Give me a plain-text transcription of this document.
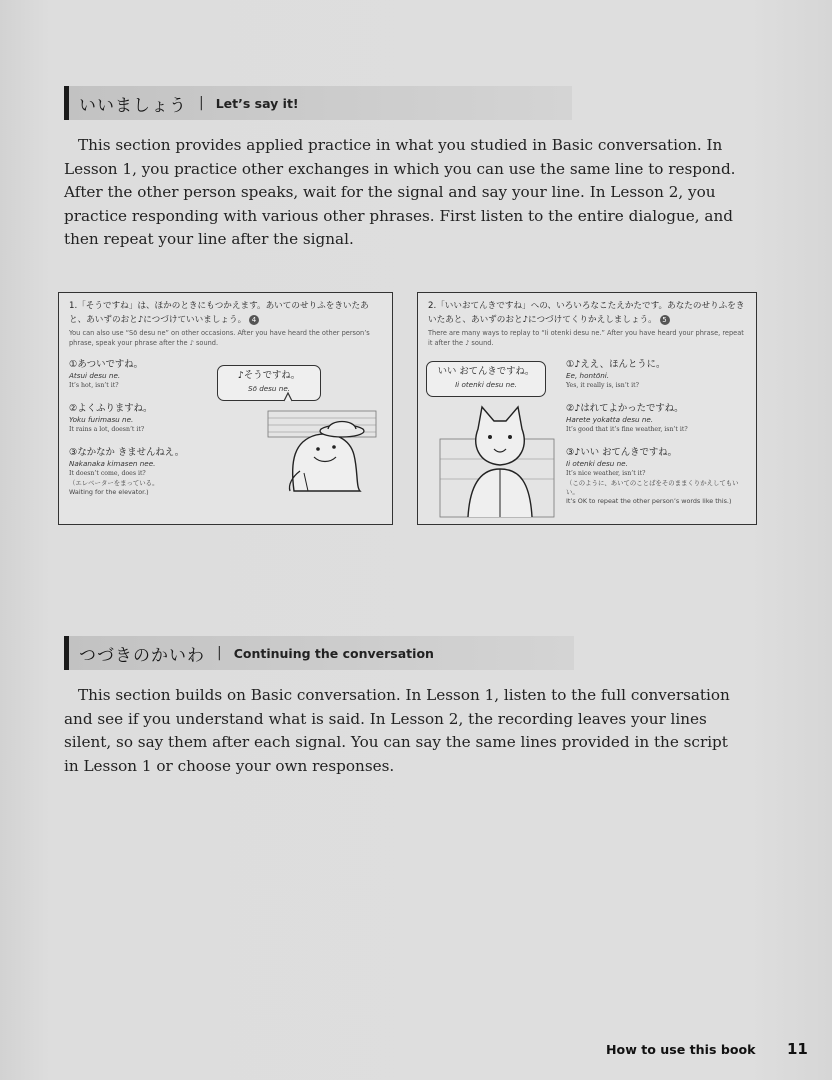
いいましょう | Let’s say it!

This section provides applied practice in what you studied in Basic conversation. In Lesson 1, you practice other exchanges in which you can use the same line to respond. After the other person speaks, wait for the signal and say your line. In Lesson 2, you practice responding with various other phrases. First listen to the entire dialogue, and then repeat your line after the signal.

1.「そうですね」は、ほかのときにもつかえます。あいてのせりふをきいたあと、あいずのおと♪につづけていいましょう。 4
You can also use “Sō desu ne” on other occasions. After you have heard the other person’s phrase, speak your phrase after the ♪ sound.
①あついですね。
Atsui desu ne.
It’s hot, isn’t it?
②よくふりますね。
Yoku furimasu ne.
It rains a lot, doesn’t it?
③なかなか きませんねえ。
Nakanaka kimasen nee.
It doesn’t come, does it?
（エレベーターをまっている。
Waiting for the elevator.)
♪そうですね。
Sō desu ne.
2.「いいおてんきですね」への、いろいろなこたえかたです。あなたのせりふをきいたあと、あいずのおと♪につづけてくりかえしましょう。 5
There are many ways to replay to “Ii otenki desu ne.” After you have heard your phrase, repeat it after the ♪ sound.
いい おてんきですね。
Ii otenki desu ne.
①♪ええ、ほんとうに。
Ee, hontōni.
Yes, it really is, isn’t it?
②♪はれてよかったですね。
Harete yokatta desu ne.
It’s good that it’s fine weather, isn’t it?
③♪いい おてんきですね。
Ii otenki desu ne.
It’s nice weather, isn’t it?
（このように、あいてのことばをそのままくりかえしてもいい。
It’s OK to repeat the other person’s words like this.)
つづきのかいわ | Continuing the conversation

This section builds on Basic conversation. In Lesson 1, listen to the full conversation and see if you understand what is said. In Lesson 2, the recording leaves your lines silent, so say them after each signal. You can say the same lines provided in the script in Lesson 1 or choose your own responses.

How to use this book 11
